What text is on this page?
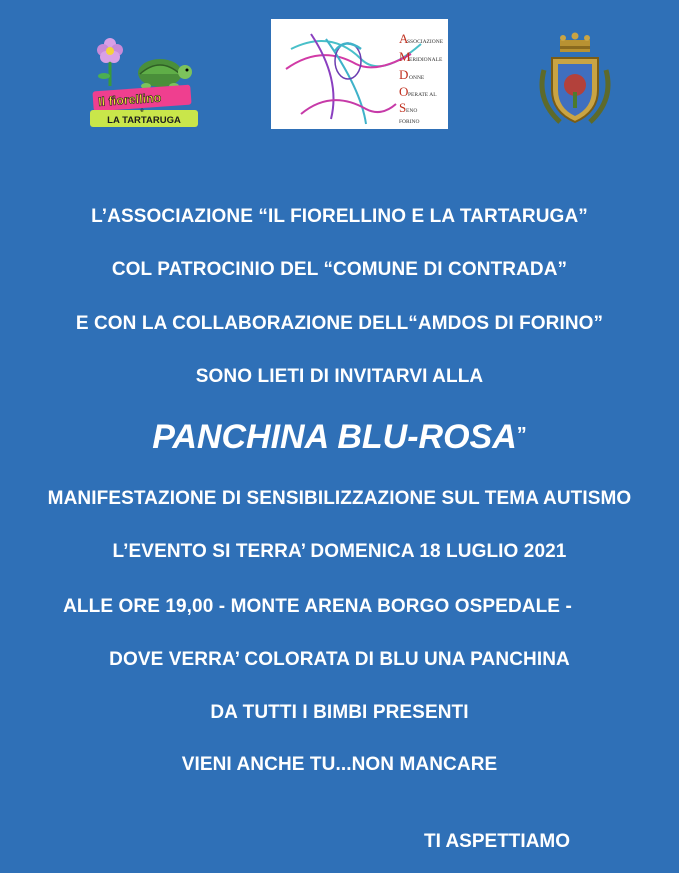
Il fiorellino
e
LA TARTARUGA
A
M
D
O
S
SSOCIAZIONE
ERIDIONALE
ONNE
PERATE AL
ENO
FORINO
L’ASSOCIAZIONE “IL FIORELLINO E LA TARTARUGA”
COL PATROCINIO DEL “COMUNE DI CONTRADA”
E CON LA COLLABORAZIONE DELL“AMDOS DI FORINO”
SONO LIETI DI INVITARVI ALLA
PANCHINA BLU-ROSA”
MANIFESTAZIONE DI SENSIBILIZZAZIONE SUL TEMA AUTISMO
L’EVENTO SI TERRA’ DOMENICA 18 LUGLIO 2021
ALLE ORE 19,00 - MONTE ARENA BORGO OSPEDALE -
DOVE VERRA’ COLORATA DI BLU UNA PANCHINA
DA TUTTI I BIMBI PRESENTI
VIENI ANCHE TU...NON MANCARE
TI ASPETTIAMO
